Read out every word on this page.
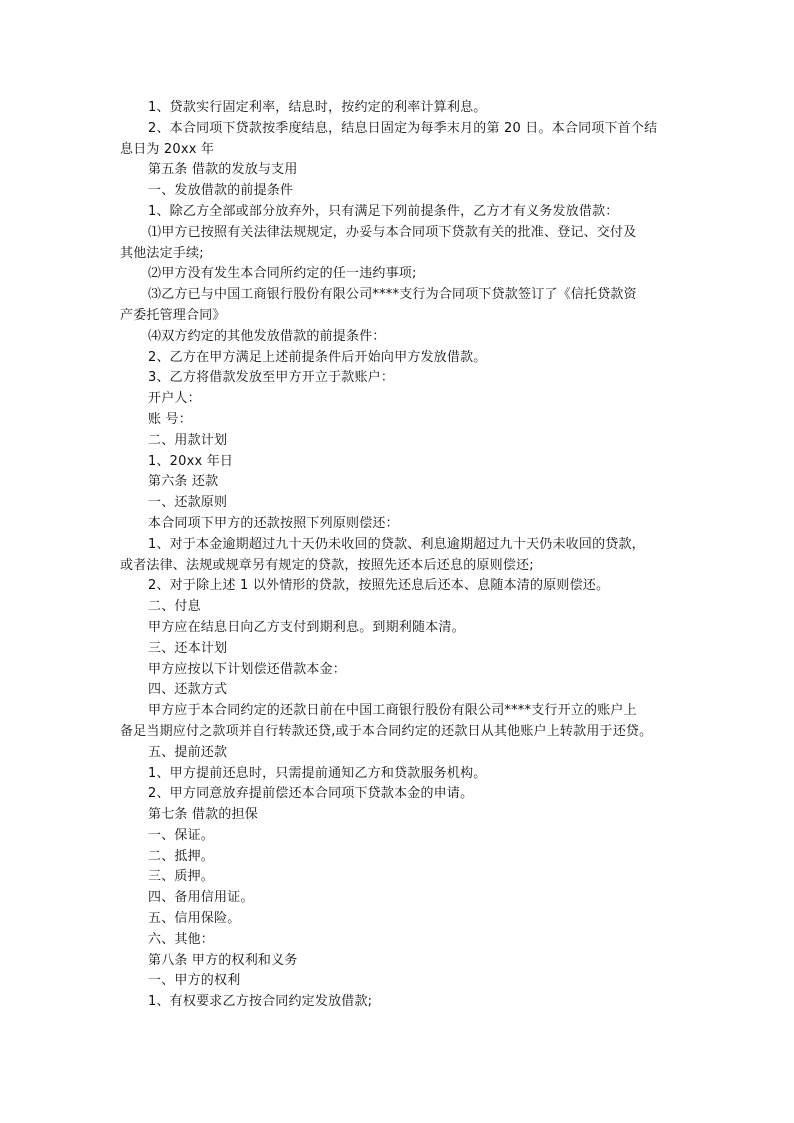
1、贷款实行固定利率，结息时，按约定的利率计算利息。
2、本合同项下贷款按季度结息，结息日固定为每季末月的第 20 日。本合同项下首个结
息日为 20xx 年
第五条 借款的发放与支用
一、发放借款的前提条件
1、除乙方全部或部分放弃外，只有满足下列前提条件，乙方才有义务发放借款：
⑴甲方已按照有关法律法规规定，办妥与本合同项下贷款有关的批准、登记、交付及
其他法定手续;
⑵甲方没有发生本合同所约定的任一违约事项;
⑶乙方已与中国工商银行股份有限公司****支行为合同项下贷款签订了《信托贷款资
产委托管理合同》
⑷双方约定的其他发放借款的前提条件：
2、乙方在甲方满足上述前提条件后开始向甲方发放借款。
3、乙方将借款发放至甲方开立于款账户：
开户人：
账 号：
二、用款计划
1、20xx 年日
第六条 还款
一、还款原则
本合同项下甲方的还款按照下列原则偿还：
1、对于本金逾期超过九十天仍未收回的贷款、利息逾期超过九十天仍未收回的贷款，
或者法律、法规或规章另有规定的贷款，按照先还本后还息的原则偿还;
2、对于除上述 1 以外情形的贷款，按照先还息后还本、息随本清的原则偿还。
二、付息
甲方应在结息日向乙方支付到期利息。到期利随本清。
三、还本计划
甲方应按以下计划偿还借款本金：
四、还款方式
甲方应于本合同约定的还款日前在中国工商银行股份有限公司****支行开立的账户上
备足当期应付之款项并自行转款还贷,或于本合同约定的还款日从其他账户上转款用于还贷。
五、提前还款
1、甲方提前还息时，只需提前通知乙方和贷款服务机构。
2、甲方同意放弃提前偿还本合同项下贷款本金的申请。
第七条 借款的担保
一、保证。
二、抵押。
三、质押。
四、备用信用证。
五、信用保险。
六、其他：
第八条 甲方的权利和义务
一、甲方的权利
1、有权要求乙方按合同约定发放借款;
